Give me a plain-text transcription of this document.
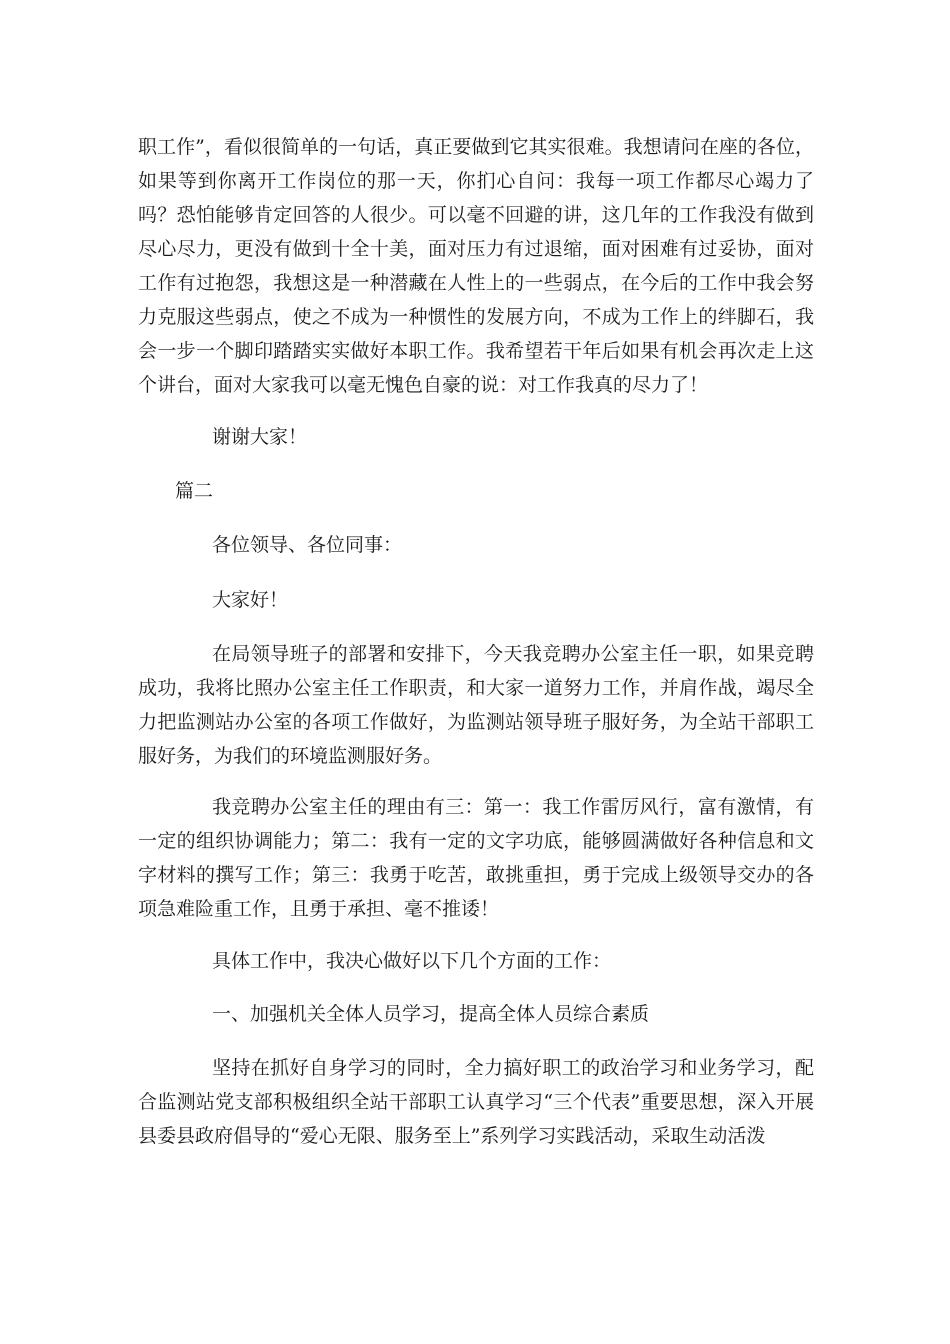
职工作”，看似很简单的一句话，真正要做到它其实很难。我想请问在座的各位，如果等到你离开工作岗位的那一天，你扪心自问：我每一项工作都尽心竭力了吗？恐怕能够肯定回答的人很少。可以毫不回避的讲，这几年的工作我没有做到尽心尽力，更没有做到十全十美，面对压力有过退缩，面对困难有过妥协，面对工作有过抱怨，我想这是一种潜藏在人性上的一些弱点，在今后的工作中我会努力克服这些弱点，使之不成为一种惯性的发展方向，不成为工作上的绊脚石，我会一步一个脚印踏踏实实做好本职工作。我希望若干年后如果有机会再次走上这个讲台，面对大家我可以毫无愧色自豪的说：对工作我真的尽力了！
谢谢大家！
篇二
各位领导、各位同事：
大家好！
在局领导班子的部署和安排下，今天我竞聘办公室主任一职，如果竞聘成功，我将比照办公室主任工作职责，和大家一道努力工作，并肩作战，竭尽全力把监测站办公室的各项工作做好，为监测站领导班子服好务，为全站干部职工服好务，为我们的环境监测服好务。
我竞聘办公室主任的理由有三：第一：我工作雷厉风行，富有激情，有一定的组织协调能力；第二：我有一定的文字功底，能够圆满做好各种信息和文字材料的撰写工作；第三：我勇于吃苦，敢挑重担，勇于完成上级领导交办的各项急难险重工作，且勇于承担、毫不推诿！
具体工作中，我决心做好以下几个方面的工作：
一、加强机关全体人员学习，提高全体人员综合素质
坚持在抓好自身学习的同时，全力搞好职工的政治学习和业务学习，配合监测站党支部积极组织全站干部职工认真学习“三个代表”重要思想，深入开展县委县政府倡导的“爱心无限、服务至上”系列学习实践活动，采取生动活泼
